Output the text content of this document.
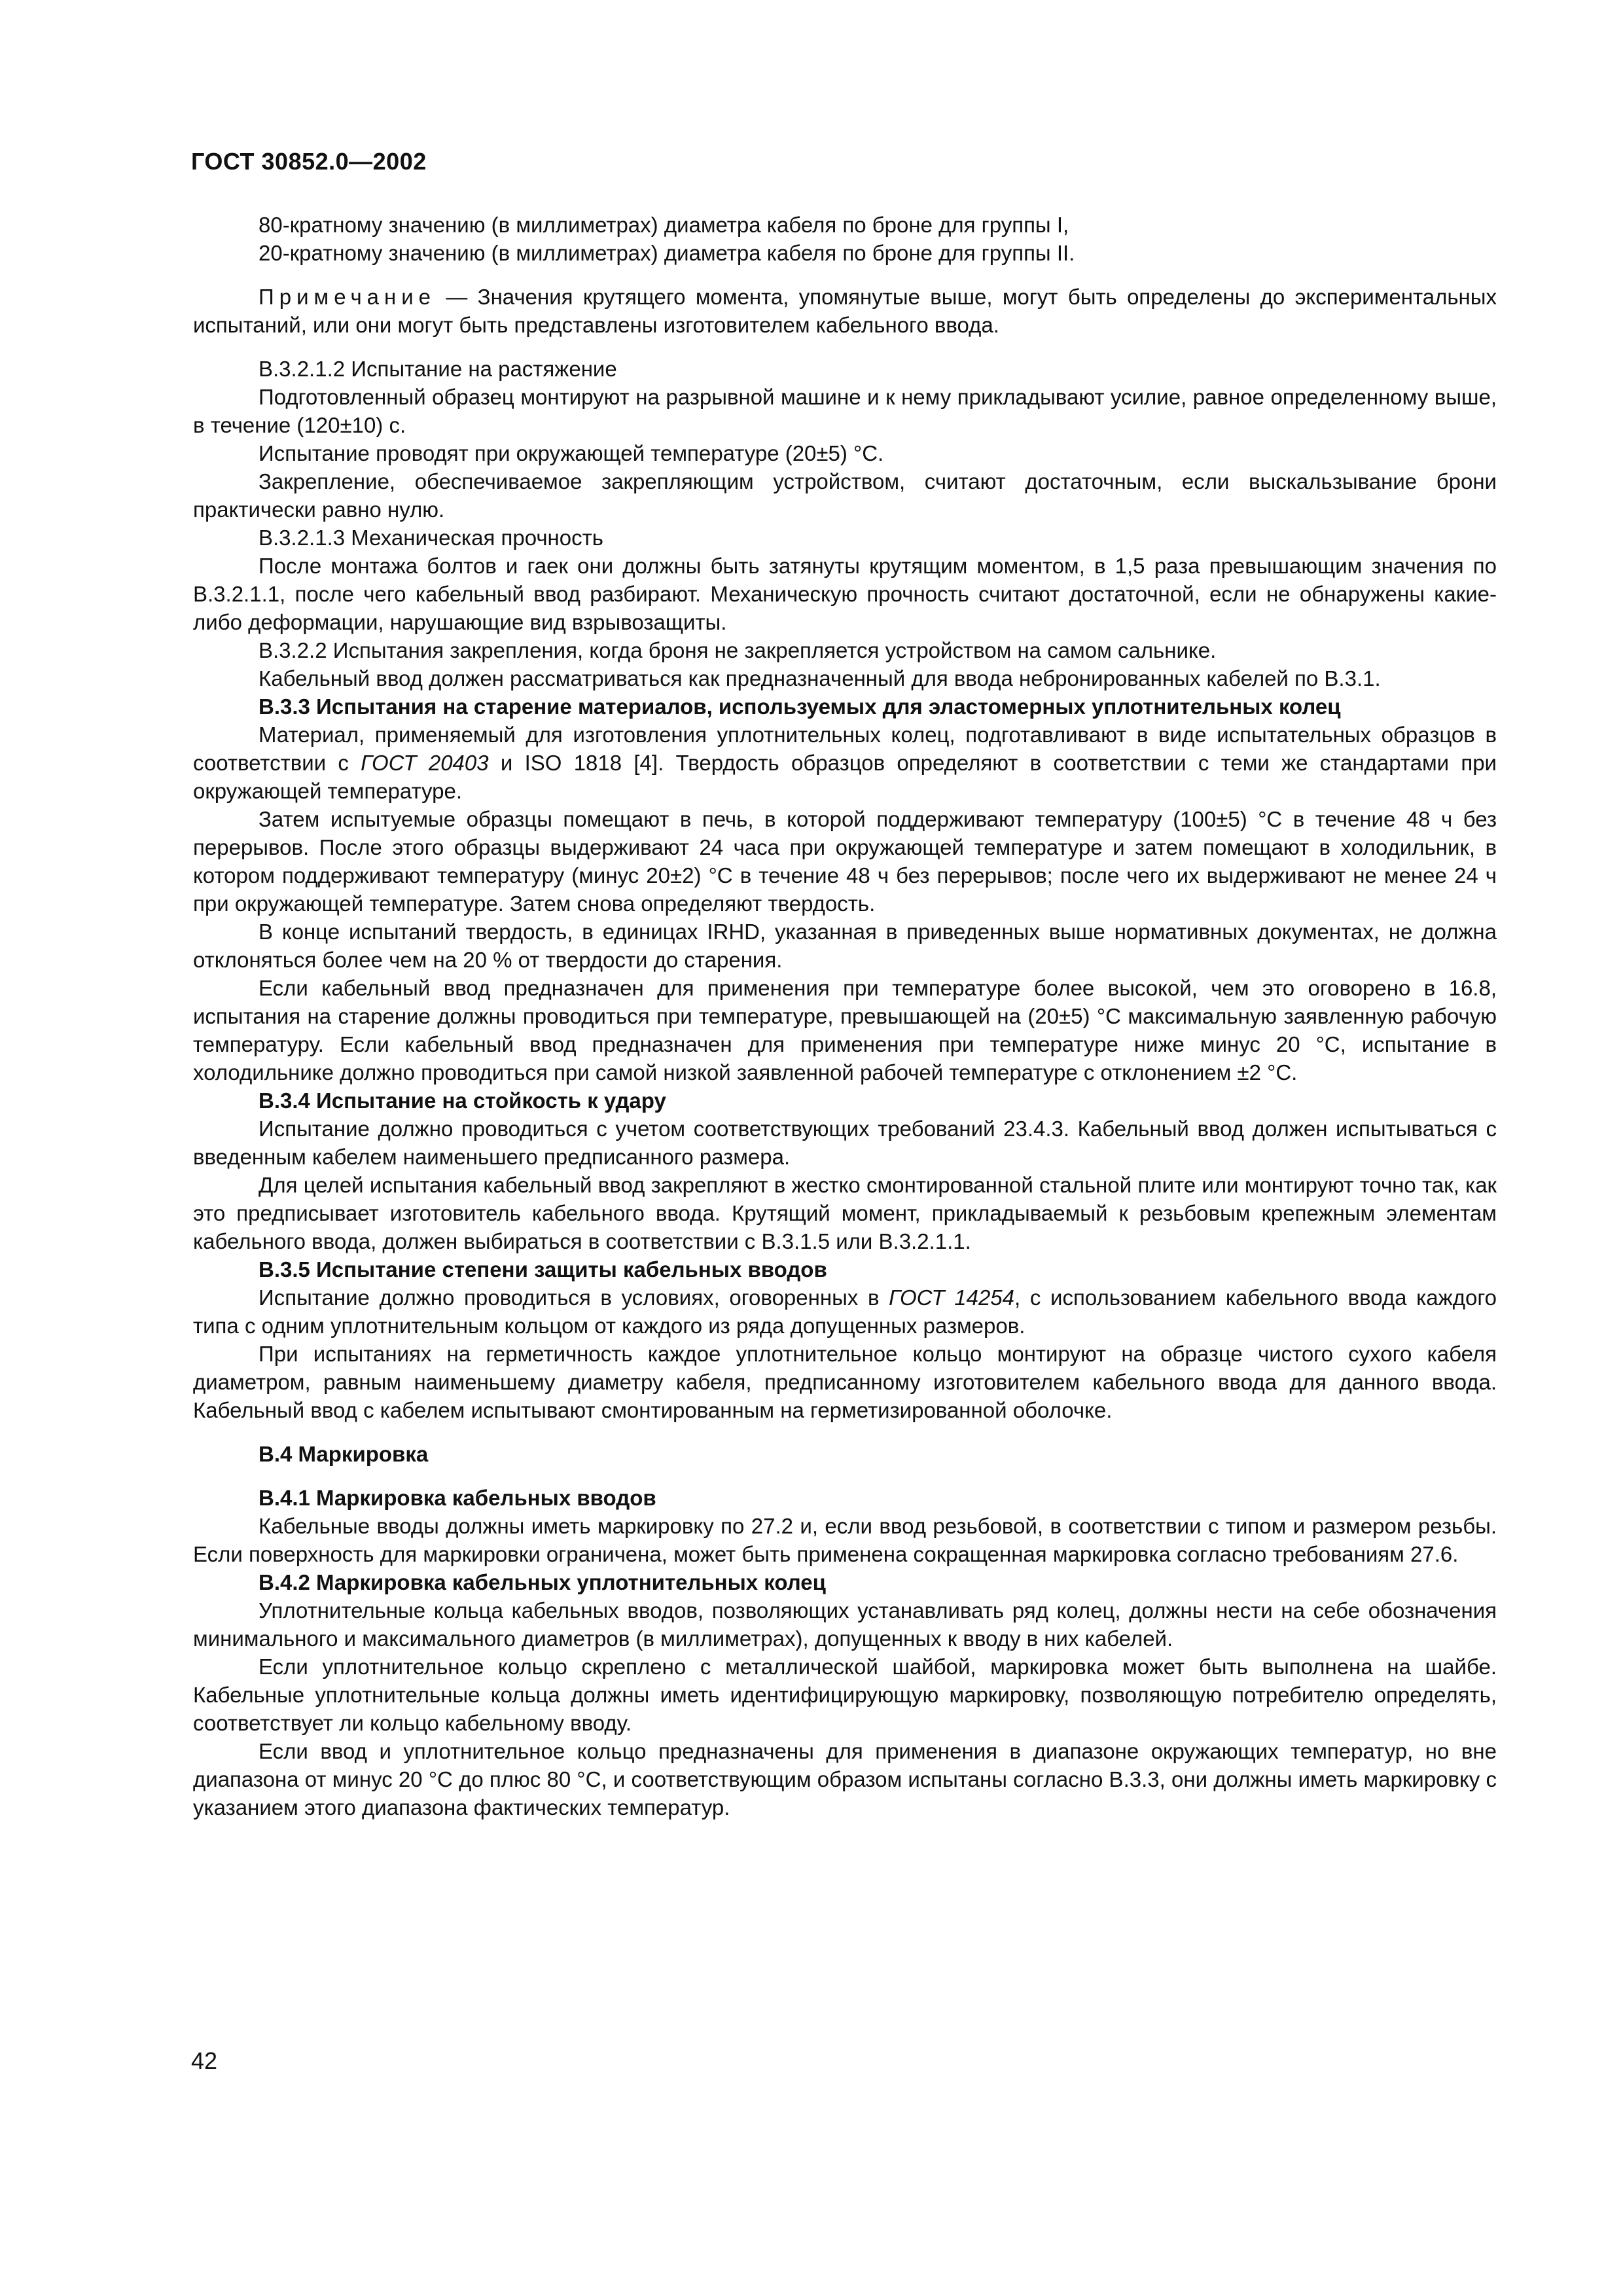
ГОСТ 30852.0—2002

80-кратному значению (в миллиметрах) диаметра кабеля по броне для группы I,

20-кратному значению (в миллиметрах) диаметра кабеля по броне для группы II.

Примечание — Значения крутящего момента, упомянутые выше, могут быть определены до экспериментальных испытаний, или они могут быть представлены изготовителем кабельного ввода.

В.3.2.1.2 Испытание на растяжение

Подготовленный образец монтируют на разрывной машине и к нему прикладывают усилие, равное определенному выше, в течение (120±10) с.

Испытание проводят при окружающей температуре (20±5) °С.

Закрепление, обеспечиваемое закрепляющим устройством, считают достаточным, если выскальзывание брони практически равно нулю.

В.3.2.1.3 Механическая прочность

После монтажа болтов и гаек они должны быть затянуты крутящим моментом, в 1,5 раза превышающим значения по В.3.2.1.1, после чего кабельный ввод разбирают. Механическую прочность считают достаточной, если не обнаружены какие-либо деформации, нарушающие вид взрывозащиты.

В.3.2.2 Испытания закрепления, когда броня не закрепляется устройством на самом сальнике.

Кабельный ввод должен рассматриваться как предназначенный для ввода небронированных кабелей по В.3.1.

В.3.3 Испытания на старение материалов, используемых для эластомерных уплотнительных колец

Материал, применяемый для изготовления уплотнительных колец, подготавливают в виде испытательных образцов в соответствии с ГОСТ 20403 и ISO 1818 [4]. Твердость образцов определяют в соответствии с теми же стандартами при окружающей температуре.

Затем испытуемые образцы помещают в печь, в которой поддерживают температуру (100±5) °С в течение 48 ч без перерывов. После этого образцы выдерживают 24 часа при окружающей температуре и затем помещают в холодильник, в котором поддерживают температуру (минус 20±2) °С в течение 48 ч без перерывов; после чего их выдерживают не менее 24 ч при окружающей температуре. Затем снова определяют твердость.

В конце испытаний твердость, в единицах IRHD, указанная в приведенных выше нормативных документах, не должна отклоняться более чем на 20 % от твердости до старения.

Если кабельный ввод предназначен для применения при температуре более высокой, чем это оговорено в 16.8, испытания на старение должны проводиться при температуре, превышающей на (20±5) °С максимальную заявленную рабочую температуру. Если кабельный ввод предназначен для применения при температуре ниже минус 20 °С, испытание в холодильнике должно проводиться при самой низкой заявленной рабочей температуре с отклонением ±2 °С.

В.3.4 Испытание на стойкость к удару

Испытание должно проводиться с учетом соответствующих требований 23.4.3. Кабельный ввод должен испытываться с введенным кабелем наименьшего предписанного размера.

Для целей испытания кабельный ввод закрепляют в жестко смонтированной стальной плите или монтируют точно так, как это предписывает изготовитель кабельного ввода. Крутящий момент, прикладываемый к резьбовым крепежным элементам кабельного ввода, должен выбираться в соответствии с В.3.1.5 или В.3.2.1.1.

В.3.5 Испытание степени защиты кабельных вводов

Испытание должно проводиться в условиях, оговоренных в ГОСТ 14254, с использованием кабельного ввода каждого типа с одним уплотнительным кольцом от каждого из ряда допущенных размеров.

При испытаниях на герметичность каждое уплотнительное кольцо монтируют на образце чистого сухого кабеля диаметром, равным наименьшему диаметру кабеля, предписанному изготовителем кабельного ввода для данного ввода. Кабельный ввод с кабелем испытывают смонтированным на герметизированной оболочке.

В.4 Маркировка

В.4.1 Маркировка кабельных вводов

Кабельные вводы должны иметь маркировку по 27.2 и, если ввод резьбовой, в соответствии с типом и размером резьбы. Если поверхность для маркировки ограничена, может быть применена сокращенная маркировка согласно требованиям 27.6.

В.4.2 Маркировка кабельных уплотнительных колец

Уплотнительные кольца кабельных вводов, позволяющих устанавливать ряд колец, должны нести на себе обозначения минимального и максимального диаметров (в миллиметрах), допущенных к вводу в них кабелей.

Если уплотнительное кольцо скреплено с металлической шайбой, маркировка может быть выполнена на шайбе. Кабельные уплотнительные кольца должны иметь идентифицирующую маркировку, позволяющую потребителю определять, соответствует ли кольцо кабельному вводу.

Если ввод и уплотнительное кольцо предназначены для применения в диапазоне окружающих температур, но вне диапазона от минус 20 °С до плюс 80 °С, и соответствующим образом испытаны согласно В.3.3, они должны иметь маркировку с указанием этого диапазона фактических температур.

42
